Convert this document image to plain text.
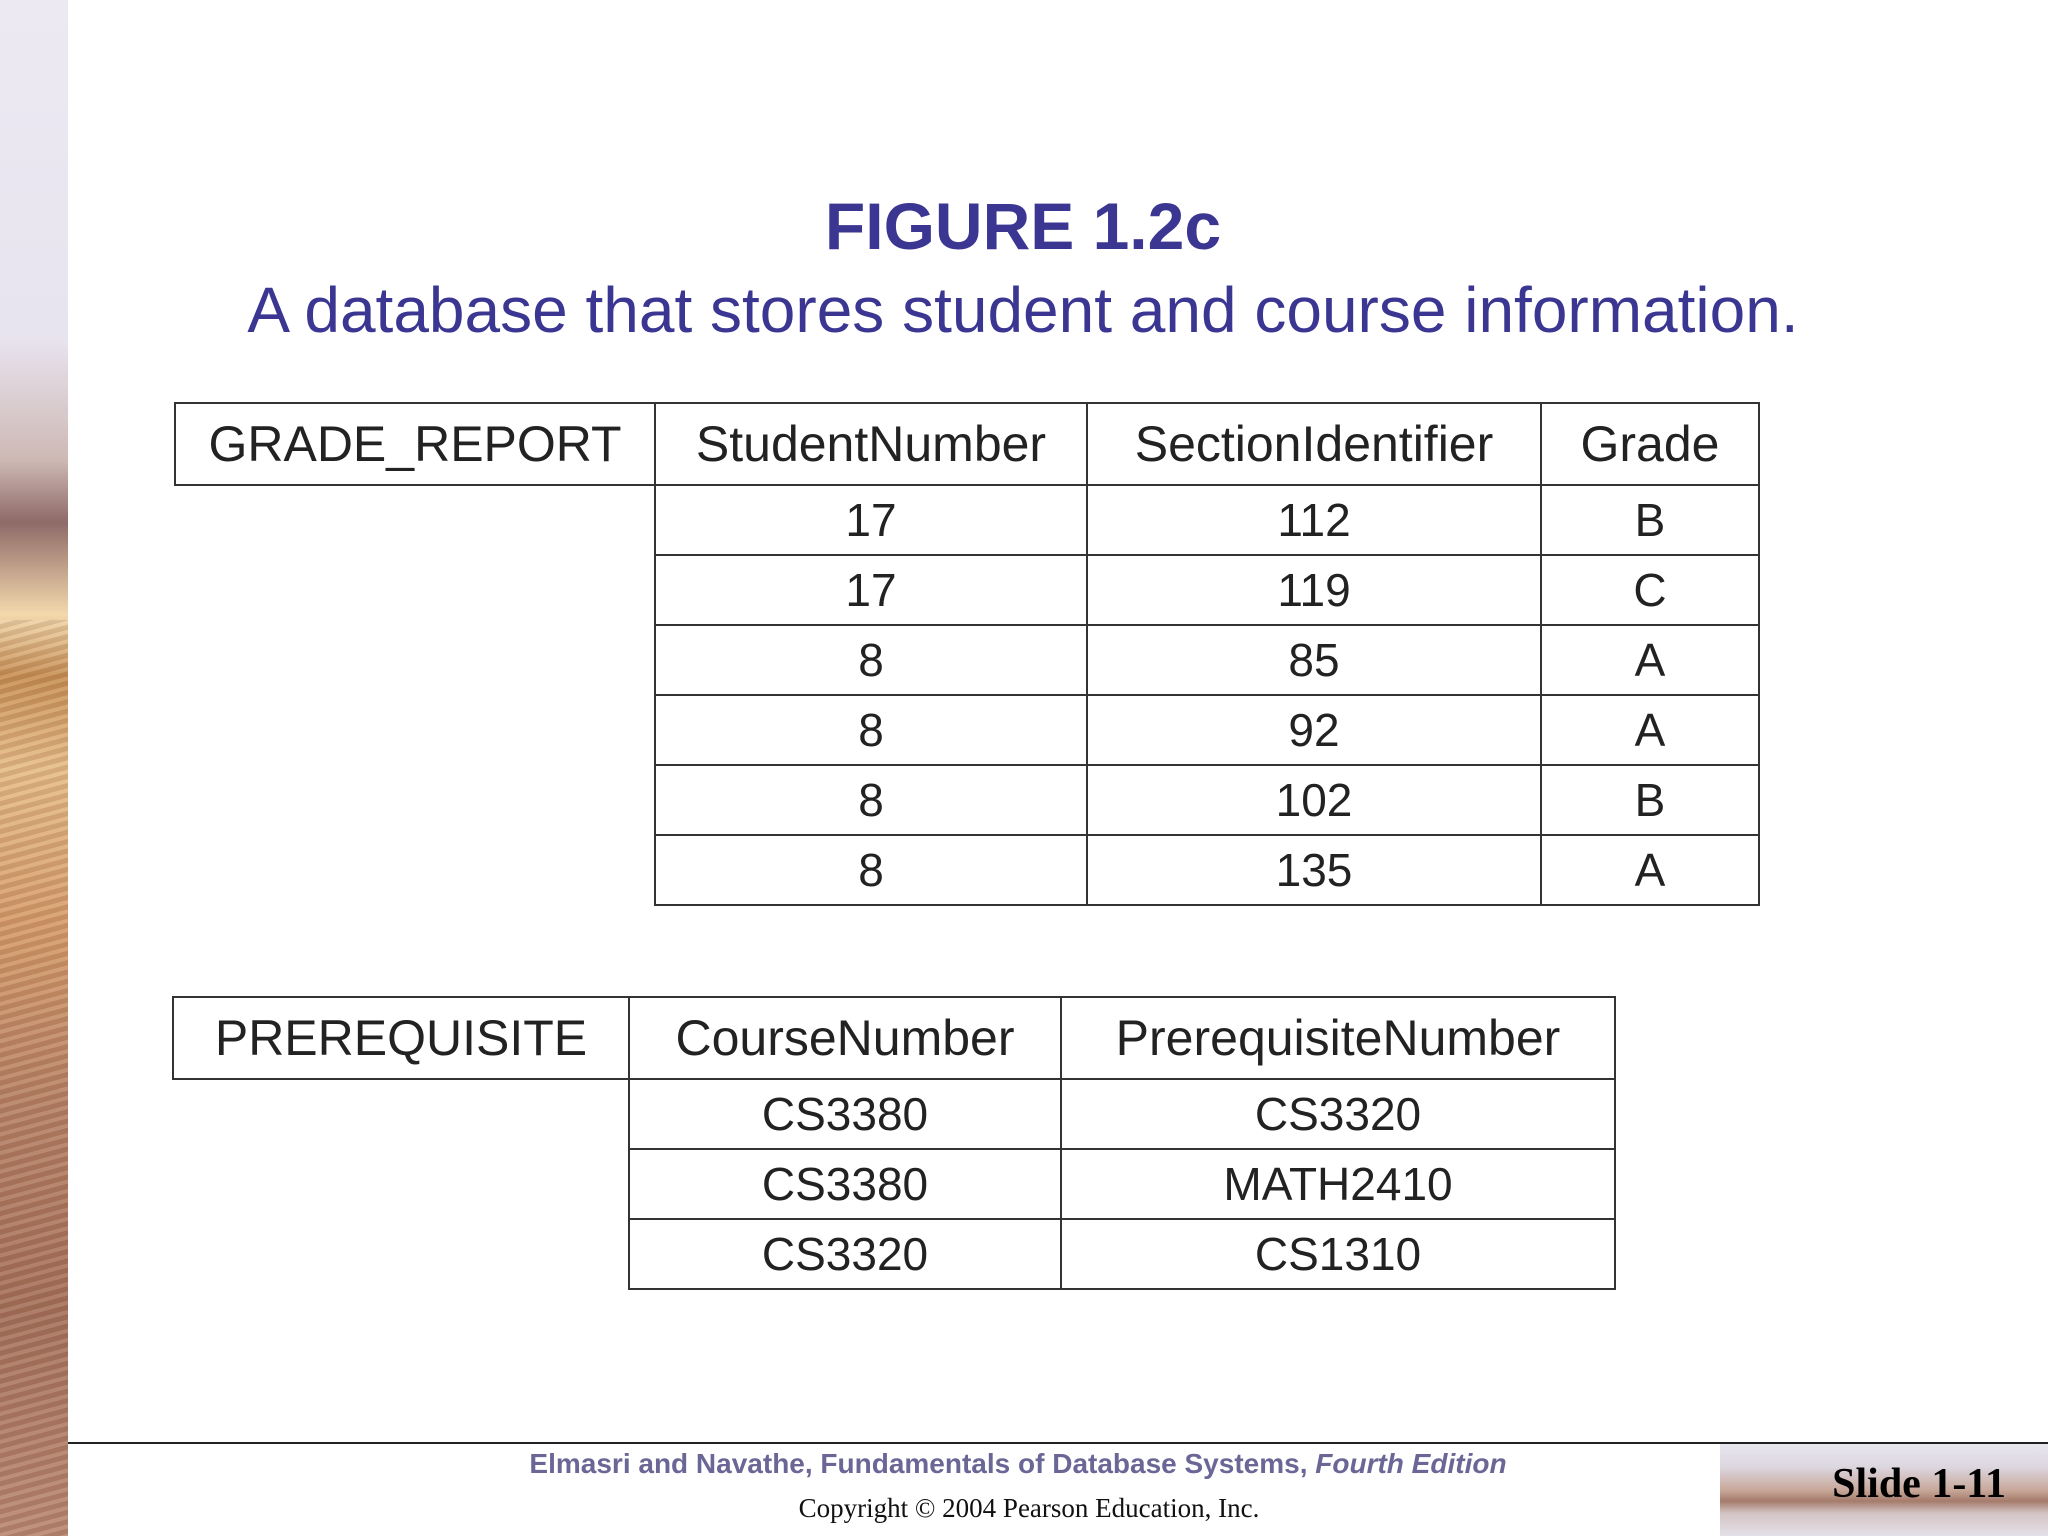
FIGURE 1.2c
A database that stores student and course information.
GRADE_REPORT	StudentNumber	SectionIdentifier	Grade
	17	112	B
	17	119	C
	8	85	A
	8	92	A
	8	102	B
	8	135	A
PREREQUISITE	CourseNumber	PrerequisiteNumber
	CS3380	CS3320
	CS3380	MATH2410
	CS3320	CS1310
Elmasri and Navathe, Fundamentals of Database Systems, Fourth Edition
Copyright © 2004 Pearson Education, Inc.
Slide 1-11
